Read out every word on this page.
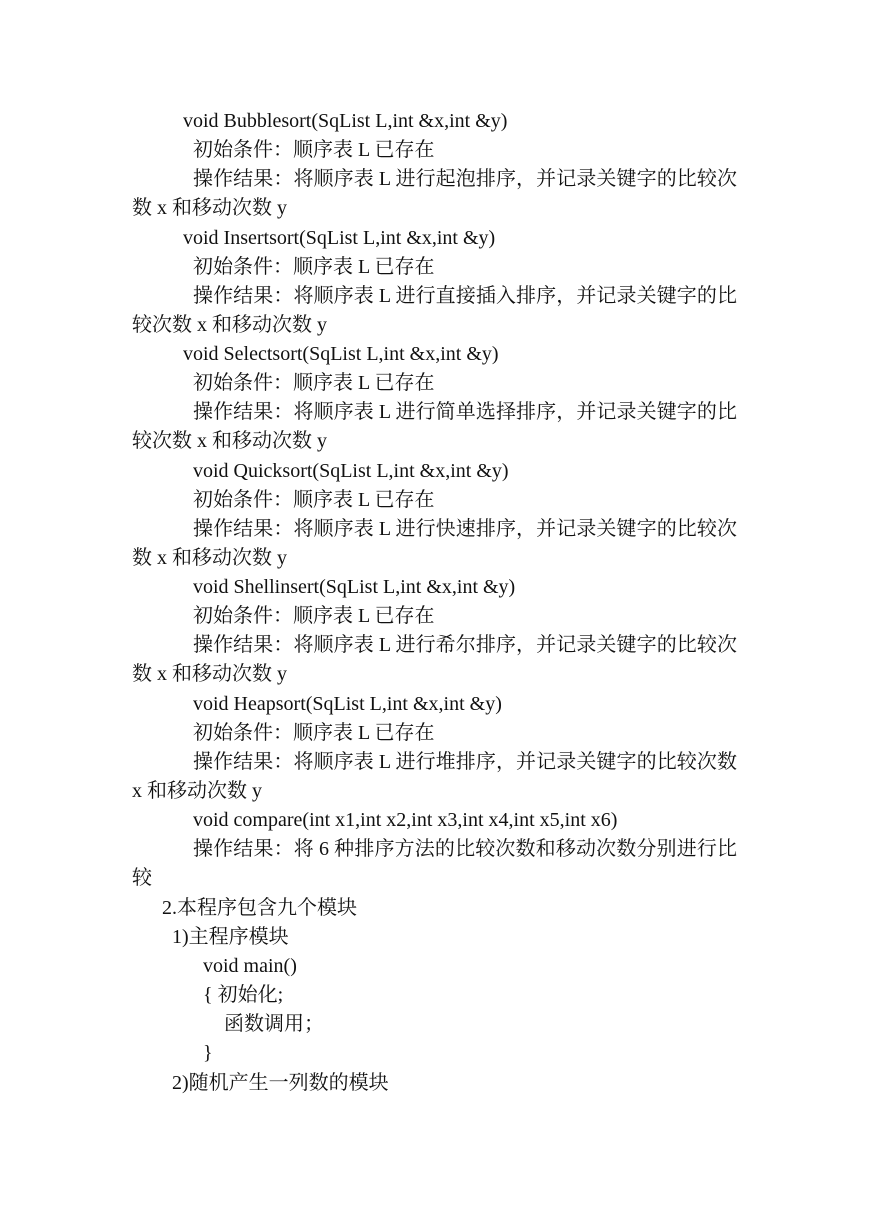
void Bubblesort(SqList L,int &x,int &y)
初始条件：顺序表 L 已存在
操作结果：将顺序表 L 进行起泡排序，并记录关键字的比较次
数 x 和移动次数 y
void Insertsort(SqList L,int &x,int &y)
初始条件：顺序表 L 已存在
操作结果：将顺序表 L 进行直接插入排序，并记录关键字的比
较次数 x 和移动次数 y
void Selectsort(SqList L,int &x,int &y)
初始条件：顺序表 L 已存在
操作结果：将顺序表 L 进行简单选择排序，并记录关键字的比
较次数 x 和移动次数 y
void Quicksort(SqList L,int &x,int &y)
初始条件：顺序表 L 已存在
操作结果：将顺序表 L 进行快速排序，并记录关键字的比较次
数 x 和移动次数 y
void Shellinsert(SqList L,int &x,int &y)
初始条件：顺序表 L 已存在
操作结果：将顺序表 L 进行希尔排序，并记录关键字的比较次
数 x 和移动次数 y
void Heapsort(SqList L,int &x,int &y)
初始条件：顺序表 L 已存在
操作结果：将顺序表 L 进行堆排序，并记录关键字的比较次数
x 和移动次数 y
void compare(int x1,int x2,int x3,int x4,int x5,int x6)
操作结果：将 6 种排序方法的比较次数和移动次数分别进行比
较
2.本程序包含九个模块
1)主程序模块
void main()
{ 初始化;
函数调用；
}
2)随机产生一列数的模块
